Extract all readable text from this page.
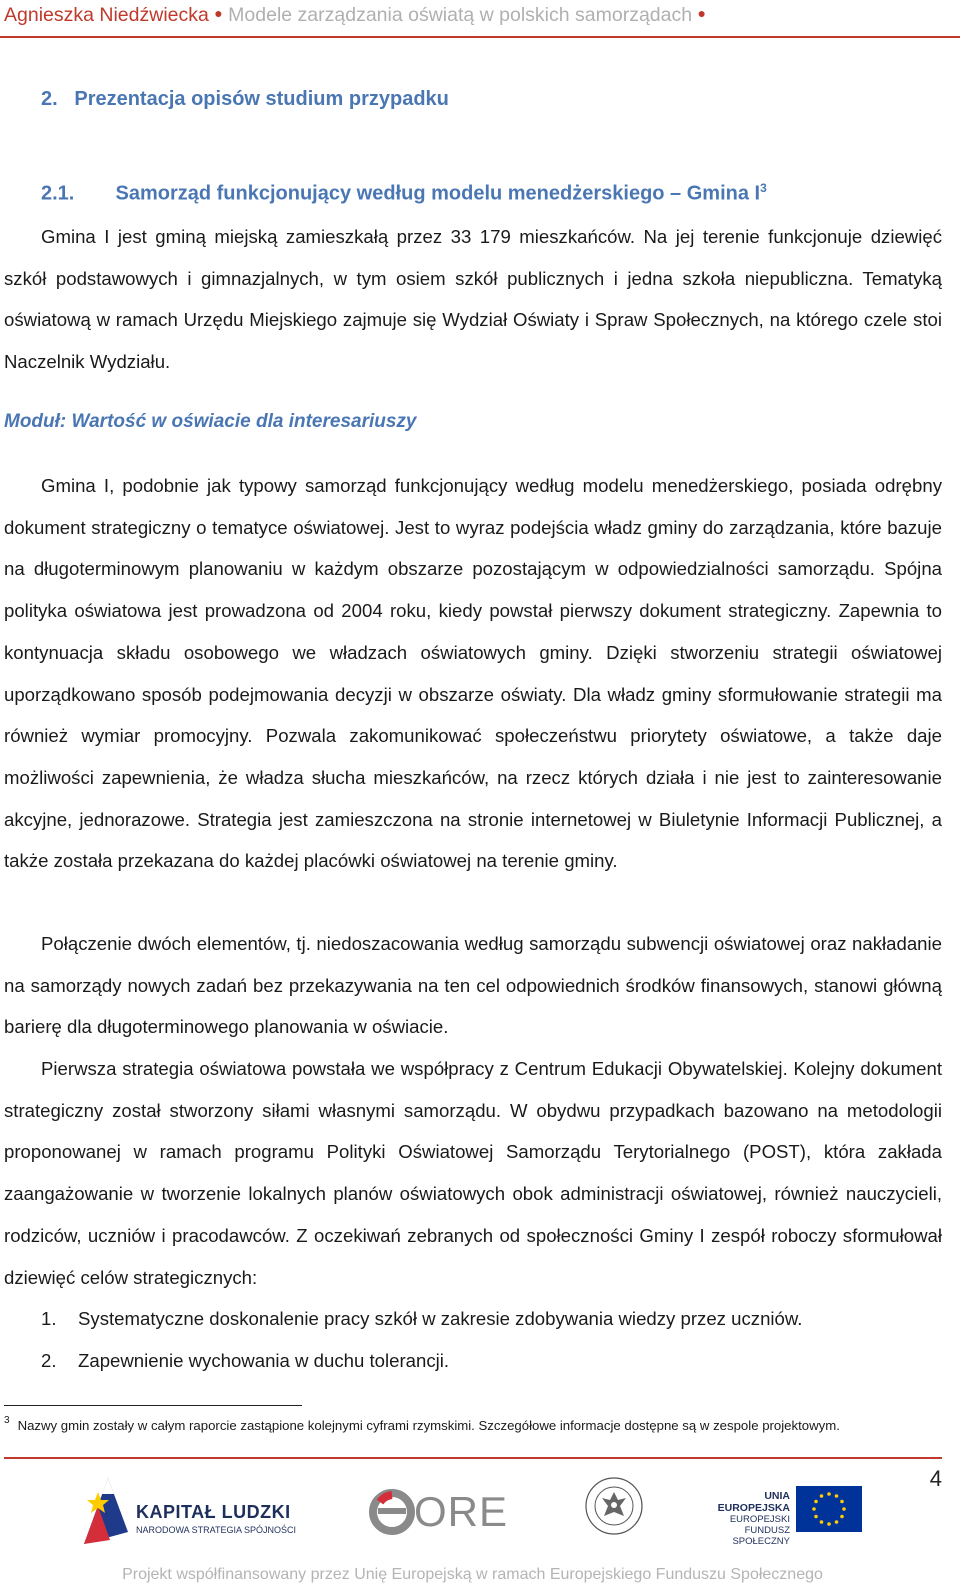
Agnieszka Niedźwiecka ● Modele zarządzania oświatą w polskich samorządach ●
2.   Prezentacja opisów studium przypadku
2.1. Samorząd funkcjonujący według modelu menedżerskiego – Gmina $I^3$

Gmina I jest gminą miejską zamieszkałą przez 33 179 mieszkańców. Na jej terenie funkcjonuje dziewięć szkół podstawowych i gimnazjalnych, w tym osiem szkół publicznych i jedna szkoła niepubliczna. Tematyką oświatową w ramach Urzędu Miejskiego zajmuje się Wydział Oświaty i Spraw Społecznych, na którego czele stoi Naczelnik Wydziału.

Moduł: Wartość w oświacie dla interesariuszy

Gmina I, podobnie jak typowy samorząd funkcjonujący według modelu menedżerskiego, posiada odrębny dokument strategiczny o tematyce oświatowej. Jest to wyraz podejścia władz gminy do zarządzania, które bazuje na długoterminowym planowaniu w każdym obszarze pozostającym w odpowiedzialności samorządu. Spójna polityka oświatowa jest prowadzona od 2004 roku, kiedy powstał pierwszy dokument strategiczny. Zapewnia to kontynuacja składu osobowego we władzach oświatowych gminy. Dzięki stworzeniu strategii oświatowej uporządkowano sposób podejmowania decyzji w obszarze oświaty. Dla władz gminy sformułowanie strategii ma również wymiar promocyjny. Pozwala zakomunikować społeczeństwu priorytety oświatowe, a także daje możliwości zapewnienia, że władza słucha mieszkańców, na rzecz których działa i nie jest to zainteresowanie akcyjne, jednorazowe. Strategia jest zamieszczona na stronie internetowej w Biuletynie Informacji Publicznej, a także została przekazana do każdej placówki oświatowej na terenie gminy.

Połączenie dwóch elementów, tj. niedoszacowania według samorządu subwencji oświatowej oraz nakładanie na samorządy nowych zadań bez przekazywania na ten cel odpowiednich środków finansowych, stanowi główną barierę dla długoterminowego planowania w oświacie.

Pierwsza strategia oświatowa powstała we współpracy z Centrum Edukacji Obywatelskiej. Kolejny dokument strategiczny został stworzony siłami własnymi samorządu. W obydwu przypadkach bazowano na metodologii proponowanej w ramach programu Polityki Oświatowej Samorządu Terytorialnego (POST), która zakłada zaangażowanie w tworzenie lokalnych planów oświatowych obok administracji oświatowej, również nauczycieli, rodziców, uczniów i pracodawców. Z oczekiwań zebranych od społeczności Gminy I zespół roboczy sformułował dziewięć celów strategicznych:

1. Systematyczne doskonalenie pracy szkół w zakresie zdobywania wiedzy przez uczniów.
2. Zapewnienie wychowania w duchu tolerancji.

$^3$ Nazwy gmin zostały w całym raporcie zastąpione kolejnymi cyframi rzymskimi. Szczegółowe informacje dostępne są w zespole projektowym.

4
KAPITAŁ LUDZKI
NARODOWA STRATEGIA SPÓJNOŚCI	ORE	UNIA EUROPEJSKA
EUROPEJSKI
FUNDUSZ SPOŁECZNY
Projekt współfinansowany przez Unię Europejską w ramach Europejskiego Funduszu Społecznego
